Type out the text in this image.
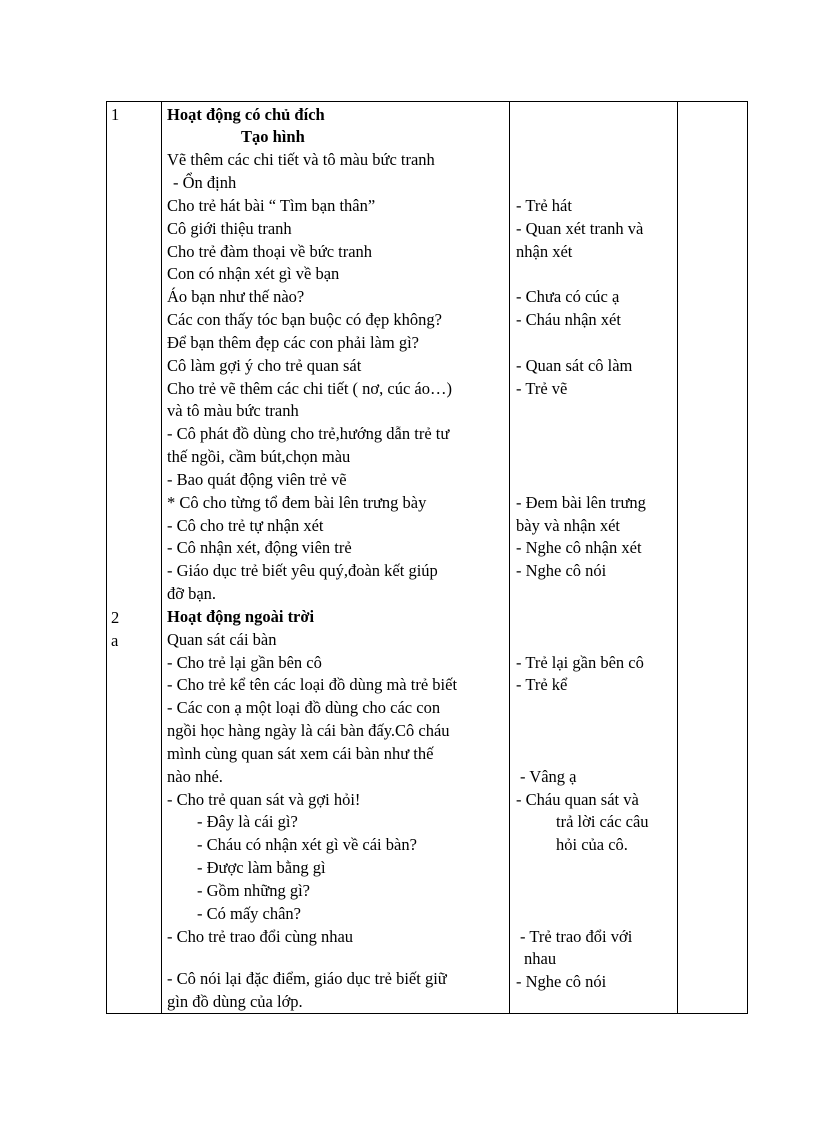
1
2
a
Hoạt động có chủ đích
Tạo hình
Vẽ thêm các chi tiết và tô màu bức tranh
- Ổn định
Cho trẻ hát bài “ Tìm bạn thân”
Cô giới thiệu tranh
Cho trẻ đàm thoại về bức tranh
Con có nhận xét gì về bạn
Áo bạn như thế nào?
Các con thấy tóc bạn buộc có đẹp không?
Để bạn thêm đẹp các con phải làm gì?
Cô làm gợi ý cho trẻ quan sát
Cho trẻ vẽ thêm các chi tiết ( nơ, cúc áo…)
và tô màu bức tranh
- Cô phát đồ dùng cho trẻ,hướng dẫn trẻ tư
thế ngồi, cầm bút,chọn màu
- Bao quát động viên trẻ vẽ
* Cô cho từng tổ đem bài lên trưng bày
- Cô cho trẻ tự nhận xét
- Cô nhận xét, động viên trẻ
- Giáo dục trẻ biết yêu quý,đoàn kết giúp
đỡ bạn.
Hoạt động ngoài trời
Quan sát cái bàn
- Cho trẻ lại gần bên cô
- Cho trẻ kể tên các loại đồ dùng mà trẻ biết
- Các con ạ một loại đồ dùng cho các con
ngồi học hàng ngày là cái bàn đấy.Cô cháu
mình cùng quan sát xem cái bàn như thế
nào nhé.
- Cho trẻ quan sát và gợi hỏi!
- Đây là cái gì?
- Cháu có nhận xét gì về cái bàn?
- Được làm bằng gì
- Gồm những gì?
- Có mấy chân?
- Cho trẻ trao đổi cùng nhau
- Cô nói lại đặc điểm, giáo dục trẻ biết giữ
gìn đồ dùng của lớp.
- Trẻ hát
- Quan xét tranh và
nhận xét
- Chưa có cúc ạ
- Cháu nhận xét
- Quan sát cô làm
- Trẻ vẽ
- Đem bài lên trưng
bày và nhận xét
- Nghe cô nhận xét
- Nghe cô nói
- Trẻ lại gần bên cô
- Trẻ kể
- Vâng ạ
- Cháu quan sát và
trả lời các câu
hỏi của cô.
- Trẻ trao đổi với
nhau
- Nghe cô nói
